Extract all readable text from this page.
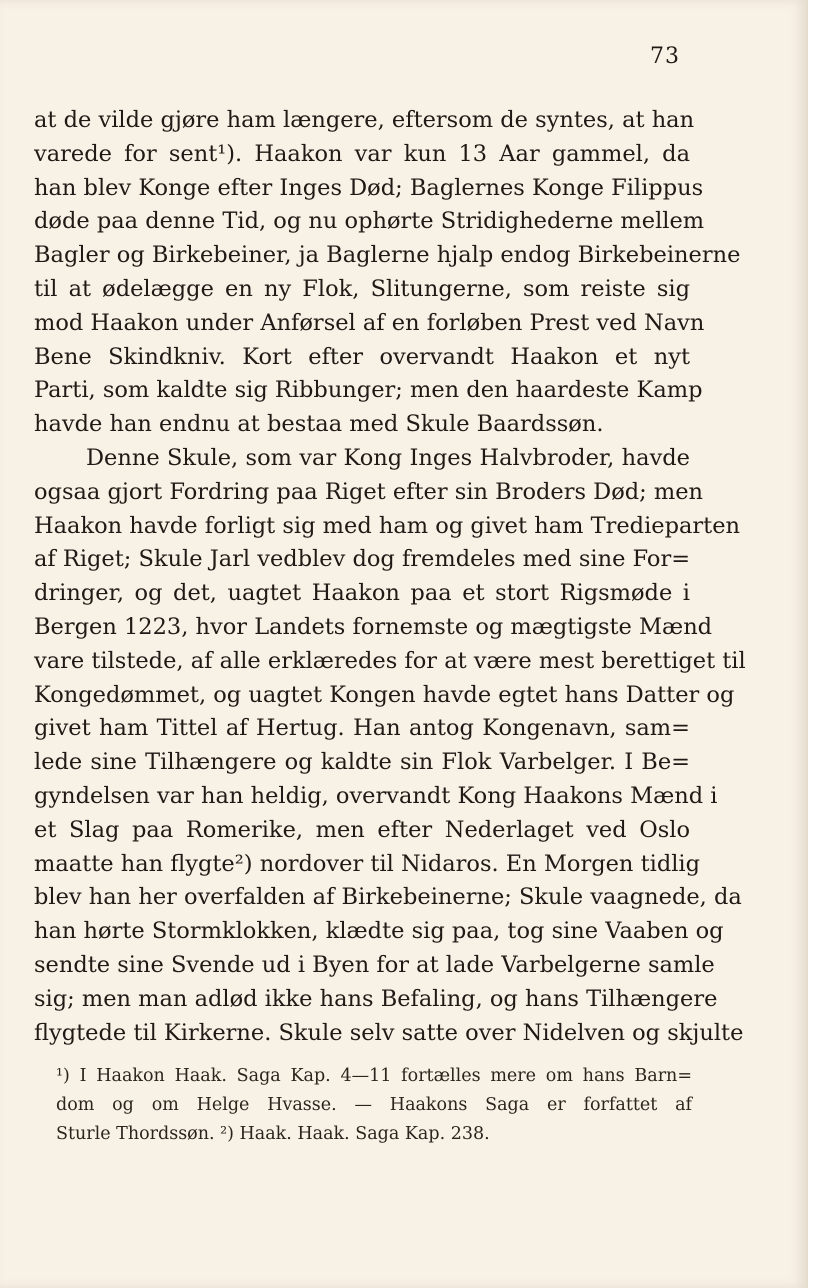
73
at de vilde gjøre ham længere, eftersom de syntes, at han
varede for sent¹). Haakon var kun 13 Aar gammel, da
han blev Konge efter Inges Død; Baglernes Konge Filippus
døde paa denne Tid, og nu ophørte Stridighederne mellem
Bagler og Birkebeiner, ja Baglerne hjalp endog Birkebeinerne
til at ødelægge en ny Flok, Slitungerne, som reiste sig
mod Haakon under Anførsel af en forløben Prest ved Navn
Bene Skindkniv. Kort efter overvandt Haakon et nyt
Parti, som kaldte sig Ribbunger; men den haardeste Kamp
havde han endnu at bestaa med Skule Baardssøn.
Denne Skule, som var Kong Inges Halvbroder, havde
ogsaa gjort Fordring paa Riget efter sin Broders Død; men
Haakon havde forligt sig med ham og givet ham Tredieparten
af Riget; Skule Jarl vedblev dog fremdeles med sine For=
dringer, og det, uagtet Haakon paa et stort Rigsmøde i
Bergen 1223, hvor Landets fornemste og mægtigste Mænd
vare tilstede, af alle erklæredes for at være mest berettiget til
Kongedømmet, og uagtet Kongen havde egtet hans Datter og
givet ham Tittel af Hertug. Han antog Kongenavn, sam=
lede sine Tilhængere og kaldte sin Flok Varbelger. I Be=
gyndelsen var han heldig, overvandt Kong Haakons Mænd i
et Slag paa Romerike, men efter Nederlaget ved Oslo
maatte han flygte²) nordover til Nidaros. En Morgen tidlig
blev han her overfalden af Birkebeinerne; Skule vaagnede, da
han hørte Stormklokken, klædte sig paa, tog sine Vaaben og
sendte sine Svende ud i Byen for at lade Varbelgerne samle
sig; men man adlød ikke hans Befaling, og hans Tilhængere
flygtede til Kirkerne. Skule selv satte over Nidelven og skjulte
¹) I Haakon Haak. Saga Kap. 4—11 fortælles mere om hans Barn=
dom og om Helge Hvasse. — Haakons Saga er forfattet af
Sturle Thordssøn. ²) Haak. Haak. Saga Kap. 238.
